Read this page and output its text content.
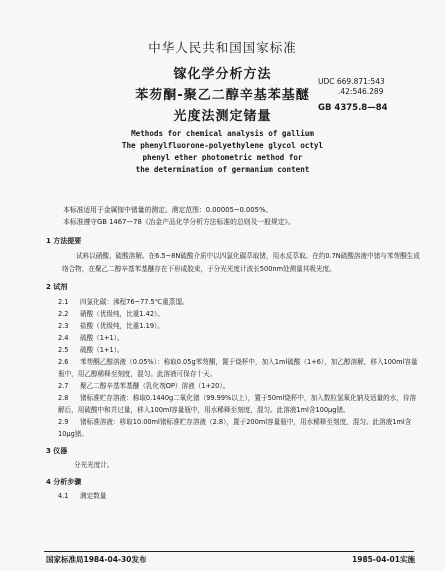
中华人民共和国国家标准
镓化学分析方法
苯芴酮-聚乙二醇辛基苯基醚
光度法测定锗量
UDC 669.871:543
.42:546.289
GB 4375.8—84
Methods for chemical analysis of gallium
The phenylfluorone-polyethylene glycol octyl
phenyl ether photometric method for
the determination of germanium content
本标准适用于金属镓中锗量的测定。测定范围：0.00005~0.005%。
本标准遵守GB 1467—78《冶金产品化学分析方法标准的总则及一般规定》。
1 方法提要
试料以硝酸、硫酸溶解。在6.5~8N硫酸介质中以四氯化碳萃取锗，用水反萃取。在约0.7N硫酸溶液中锗与苯芴酮生成络合物，在聚乙二醇辛基苯基醚存在下形成胶束，于分光光度计波长500nm处测量其吸光度。
2 试剂
2.1 四氯化碳：沸程76~77.5℃重蒸馏。
2.2 硝酸（优级纯，比重1.42）。
2.3 盐酸（优级纯，比重1.19）。
2.4 硫酸（1+1）。
2.5 硫酸（1+1）。
2.6 苯芴酮乙醇溶液（0.05%）：称取0.05g苯芴酮，置于烧杯中，加入1ml硫酸（1+6），加乙醇溶解，移入100ml容量瓶中，用乙醇稀释至刻度，混匀。此溶液可保存十天。
2.7 聚乙二醇辛基苯基醚（乳化剂OP）溶液（1+20）。
2.8 锗标准贮存溶液：称取0.1440g二氧化锗（99.99%以上），置于50ml烧杯中，加入数粒氢氧化钠及适量的水，待溶解后，用硫酸中和并过量，移入100ml容量瓶中，用水稀释至刻度，混匀。此溶液1ml含100μg锗。
2.9 锗标准溶液：移取10.00ml锗标准贮存溶液（2.8），置于200ml容量瓶中，用水稀释至刻度，混匀。此溶液1ml含10μg锗。
3 仪器
分光光度计。
4 分析步骤
4.1 测定数量
国家标准局1984-04-30发布	1985-04-01实施
